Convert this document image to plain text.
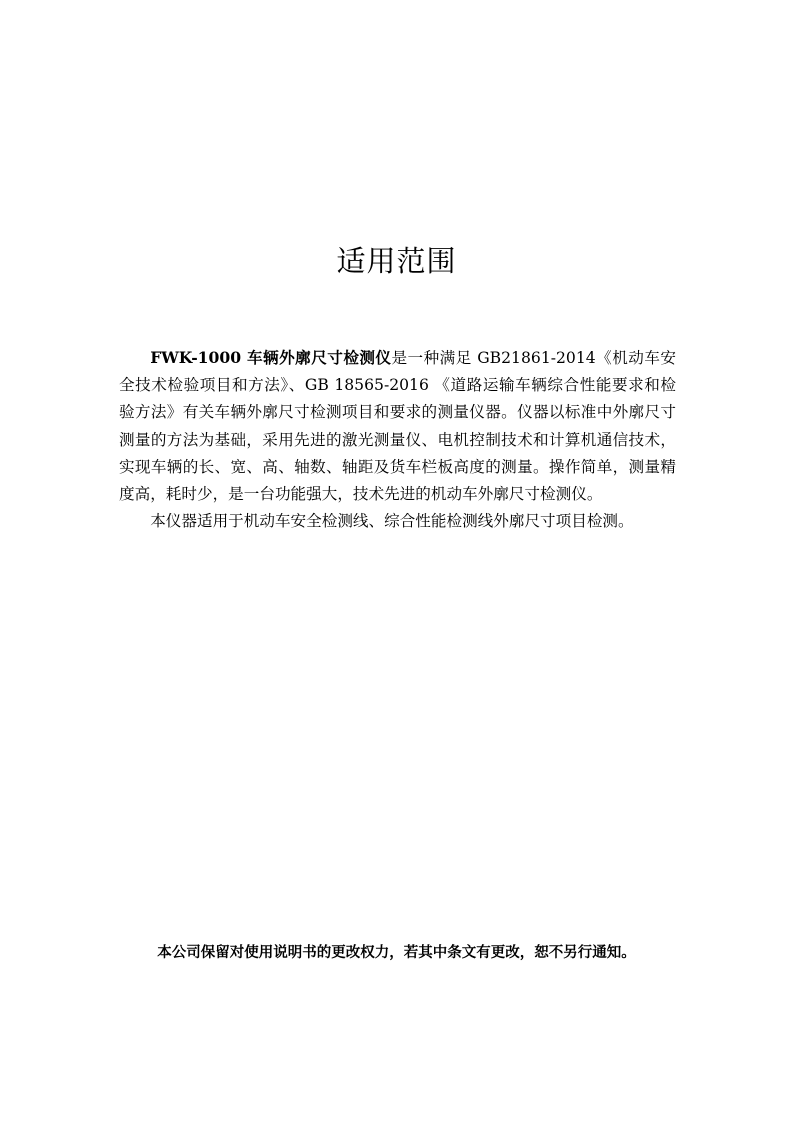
适用范围

FWK-1000 车辆外廓尺寸检测仪是一种满足 GB21861-2014《机动车安全技术检验项目和方法》、GB 18565-2016 《道路运输车辆综合性能要求和检验方法》有关车辆外廓尺寸检测项目和要求的测量仪器。仪器以标准中外廓尺寸测量的方法为基础，采用先进的激光测量仪、电机控制技术和计算机通信技术，实现车辆的长、宽、高、轴数、轴距及货车栏板高度的测量。操作简单，测量精度高，耗时少，是一台功能强大，技术先进的机动车外廓尺寸检测仪。

本仪器适用于机动车安全检测线、综合性能检测线外廓尺寸项目检测。

本公司保留对使用说明书的更改权力，若其中条文有更改，恕不另行通知。
